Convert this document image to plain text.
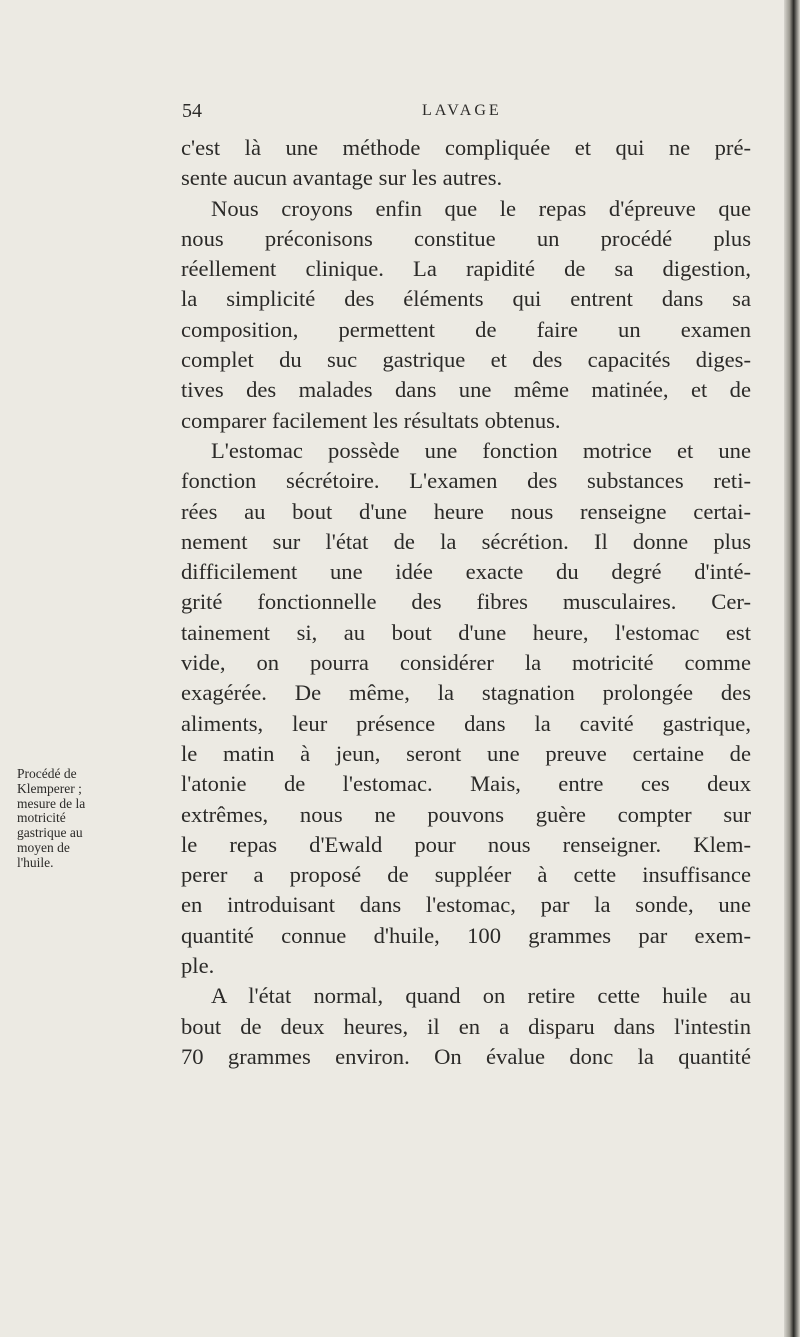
54	LAVAGE
Procédé de
Klemperer ;
mesure de la
motricité
gastrique au
moyen de
l'huile.
c'est là une méthode compliquée et qui ne pré-
sente aucun avantage sur les autres.
Nous croyons enfin que le repas d'épreuve que
nous préconisons constitue un procédé plus
réellement clinique. La rapidité de sa digestion,
la simplicité des éléments qui entrent dans sa
composition, permettent de faire un examen
complet du suc gastrique et des capacités diges-
tives des malades dans une même matinée, et de
comparer facilement les résultats obtenus.
L'estomac possède une fonction motrice et une
fonction sécrétoire. L'examen des substances reti-
rées au bout d'une heure nous renseigne certai-
nement sur l'état de la sécrétion. Il donne plus
difficilement une idée exacte du degré d'inté-
grité fonctionnelle des fibres musculaires. Cer-
tainement si, au bout d'une heure, l'estomac est
vide, on pourra considérer la motricité comme
exagérée. De même, la stagnation prolongée des
aliments, leur présence dans la cavité gastrique,
le matin à jeun, seront une preuve certaine de
l'atonie de l'estomac. Mais, entre ces deux
extrêmes, nous ne pouvons guère compter sur
le repas d'Ewald pour nous renseigner. Klem-
perer a proposé de suppléer à cette insuffisance
en introduisant dans l'estomac, par la sonde, une
quantité connue d'huile, 100 grammes par exem-
ple.
A l'état normal, quand on retire cette huile au
bout de deux heures, il en a disparu dans l'intestin
70 grammes environ. On évalue donc la quantité
